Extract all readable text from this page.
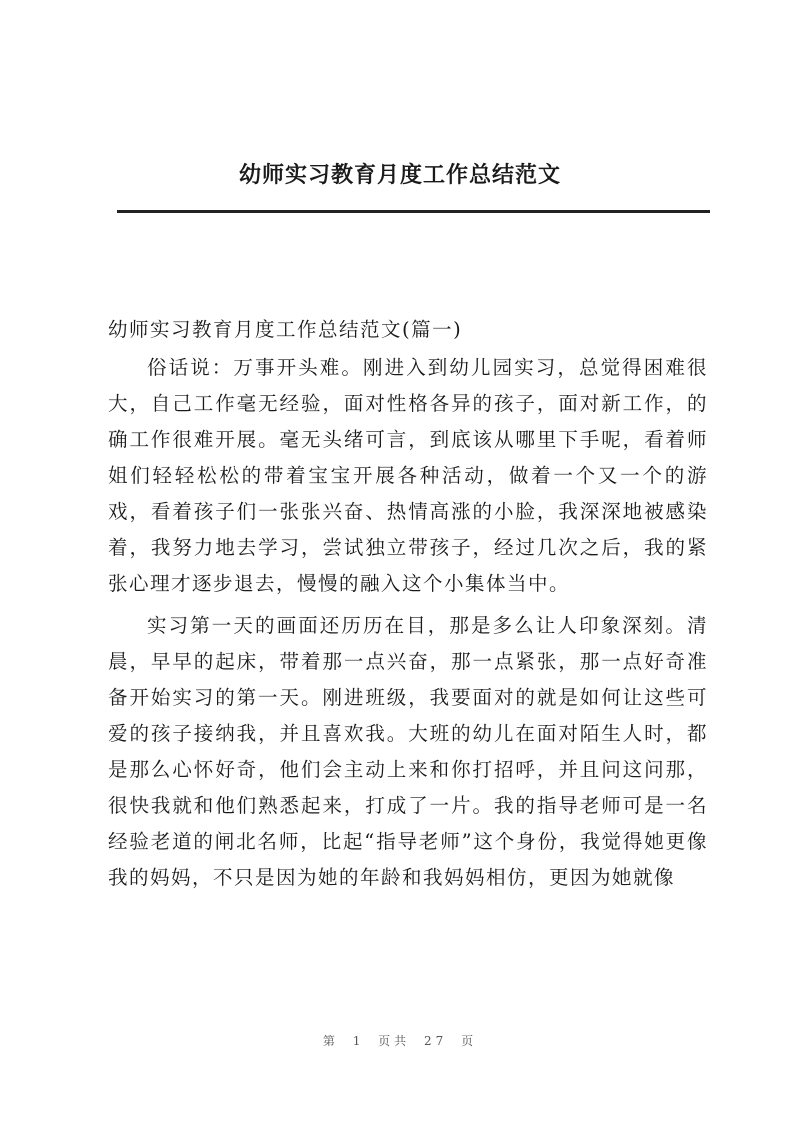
幼师实习教育月度工作总结范文

幼师实习教育月度工作总结范文(篇一)

俗话说：万事开头难。刚进入到幼儿园实习，总觉得困难很大，自己工作毫无经验，面对性格各异的孩子，面对新工作，的确工作很难开展。毫无头绪可言，到底该从哪里下手呢，看着师姐们轻轻松松的带着宝宝开展各种活动，做着一个又一个的游戏，看着孩子们一张张兴奋、热情高涨的小脸，我深深地被感染着，我努力地去学习，尝试独立带孩子，经过几次之后，我的紧张心理才逐步退去，慢慢的融入这个小集体当中。

实习第一天的画面还历历在目，那是多么让人印象深刻。清晨，早早的起床，带着那一点兴奋，那一点紧张，那一点好奇准备开始实习的第一天。刚进班级，我要面对的就是如何让这些可爱的孩子接纳我，并且喜欢我。大班的幼儿在面对陌生人时，都是那么心怀好奇，他们会主动上来和你打招呼，并且问这问那，很快我就和他们熟悉起来，打成了一片。我的指导老师可是一名经验老道的闸北名师，比起“指导老师”这个身份，我觉得她更像我的妈妈，不只是因为她的年龄和我妈妈相仿，更因为她就像

第 1 页共 27 页
